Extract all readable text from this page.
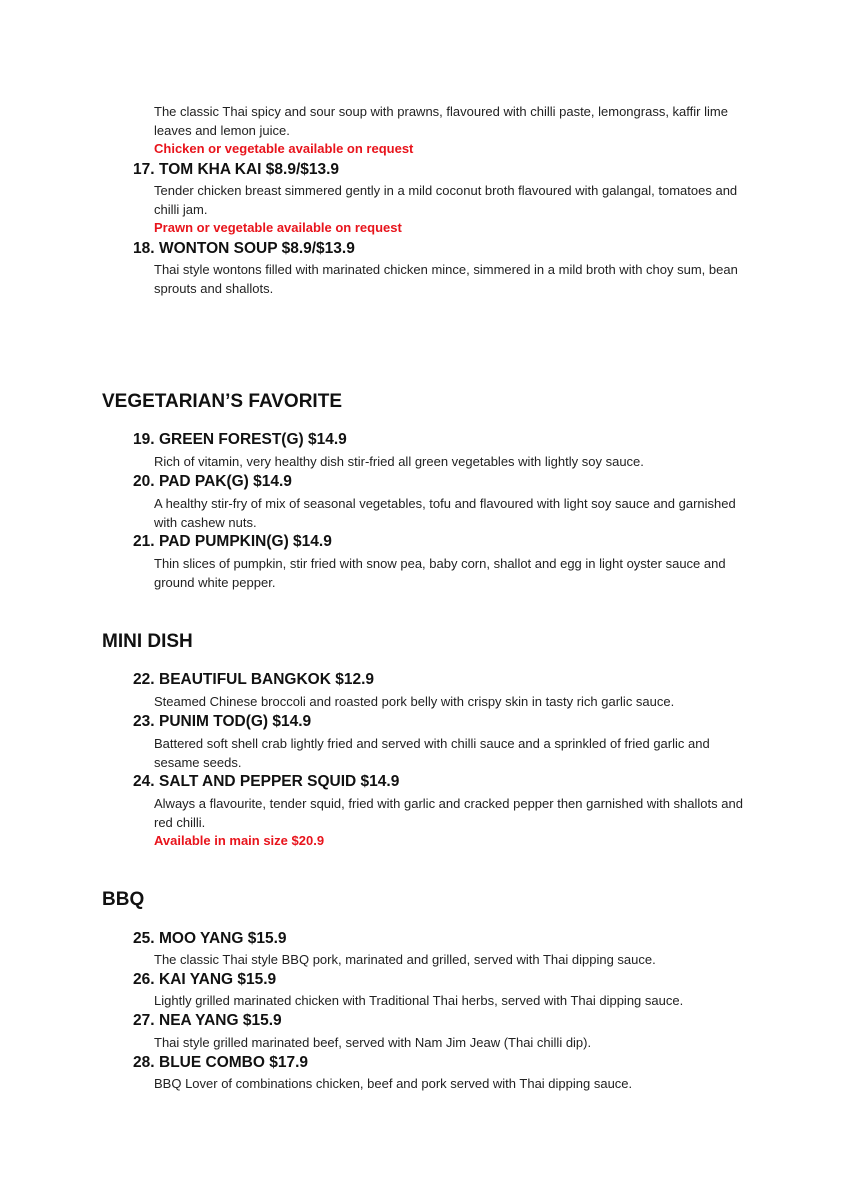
The classic Thai spicy and sour soup with prawns, flavoured with chilli paste, lemongrass, kaffir lime leaves and lemon juice.

Chicken or vegetable available on request
17. TOM KHA KAI $8.9/$13.9

Tender chicken breast simmered gently in a mild coconut broth flavoured with galangal, tomatoes and chilli jam.

Prawn or vegetable available on request
18. WONTON SOUP $8.9/$13.9

Thai style wontons filled with marinated chicken mince, simmered in a mild broth with choy sum, bean sprouts and shallots.

VEGETARIAN’S FAVORITE
19. GREEN FOREST(G) $14.9

Rich of vitamin, very healthy dish stir-fried all green vegetables with lightly soy sauce.

20. PAD PAK(G) $14.9

A healthy stir-fry of mix of seasonal vegetables, tofu and flavoured with light soy sauce and garnished with cashew nuts.

21. PAD PUMPKIN(G) $14.9

Thin slices of pumpkin, stir fried with snow pea, baby corn, shallot and egg in light oyster sauce and ground white pepper.

MINI DISH
22. BEAUTIFUL BANGKOK $12.9

Steamed Chinese broccoli and roasted pork belly with crispy skin in tasty rich garlic sauce.

23. PUNIM TOD(G) $14.9

Battered soft shell crab lightly fried and served with chilli sauce and a sprinkled of fried garlic and sesame seeds.

24. SALT AND PEPPER SQUID $14.9

Always a flavourite, tender squid, fried with garlic and cracked pepper then garnished with shallots and red chilli.

Available in main size $20.9
BBQ
25. MOO YANG $15.9

The classic Thai style BBQ pork, marinated and grilled, served with Thai dipping sauce.

26. KAI YANG $15.9

Lightly grilled marinated chicken with Traditional Thai herbs, served with Thai dipping sauce.

27. NEA YANG $15.9

Thai style grilled marinated beef, served with Nam Jim Jeaw (Thai chilli dip).

28. BLUE COMBO $17.9

BBQ Lover of combinations chicken, beef and pork served with Thai dipping sauce.
